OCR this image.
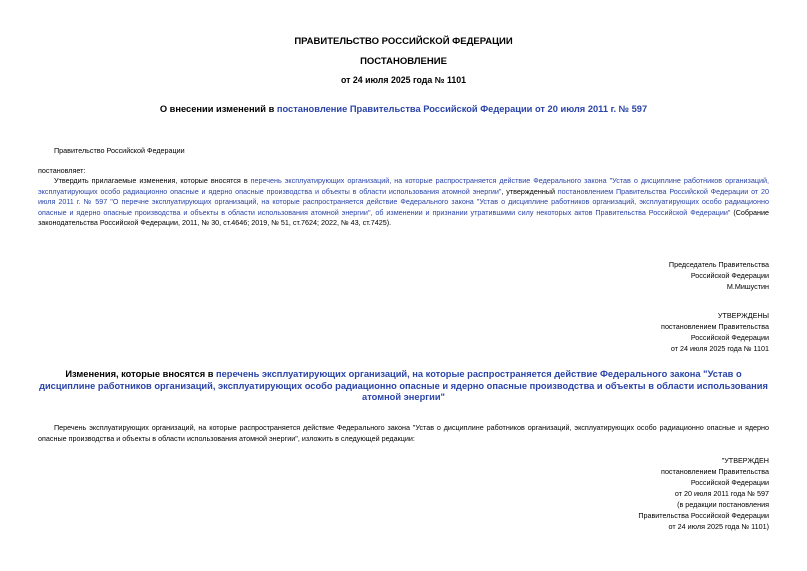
ПРАВИТЕЛЬСТВО РОССИЙСКОЙ ФЕДЕРАЦИИ
ПОСТАНОВЛЕНИЕ
от 24 июля 2025 года № 1101
О внесении изменений в постановление Правительства Российской Федерации от 20 июля 2011 г. № 597
Правительство Российской Федерации
постановляет:
Утвердить прилагаемые изменения, которые вносятся в перечень эксплуатирующих организаций, на которые распространяется действие Федерального закона "Устав о дисциплине работников организаций, эксплуатирующих особо радиационно опасные и ядерно опасные производства и объекты в области использования атомной энергии", утвержденный постановлением Правительства Российской Федерации от 20 июля 2011 г. № 597 "О перечне эксплуатирующих организаций, на которые распространяется действие Федерального закона "Устав о дисциплине работников организаций, эксплуатирующих особо радиационно опасные и ядерно опасные производства и объекты в области использования атомной энергии", об изменении и признании утратившими силу некоторых актов Правительства Российской Федерации" (Собрание законодательства Российской Федерации, 2011, № 30, ст.4646; 2019, № 51, ст.7624; 2022, № 43, ст.7425).
Председатель Правительства
Российской Федерации
М.Мишустин
УТВЕРЖДЕНЫ
постановлением Правительства
Российской Федерации
от 24 июля 2025 года № 1101
Изменения, которые вносятся в перечень эксплуатирующих организаций, на которые распространяется действие Федерального закона "Устав о дисциплине работников организаций, эксплуатирующих особо радиационно опасные и ядерно опасные производства и объекты в области использования атомной энергии"
Перечень эксплуатирующих организаций, на которые распространяется действие Федерального закона "Устав о дисциплине работников организаций, эксплуатирующих особо радиационно опасные и ядерно опасные производства и объекты в области использования атомной энергии", изложить в следующей редакции:
"УТВЕРЖДЕН
постановлением Правительства
Российской Федерации
от 20 июля 2011 года № 597
(в редакции постановления
Правительства Российской Федерации
от 24 июля 2025 года № 1101)
